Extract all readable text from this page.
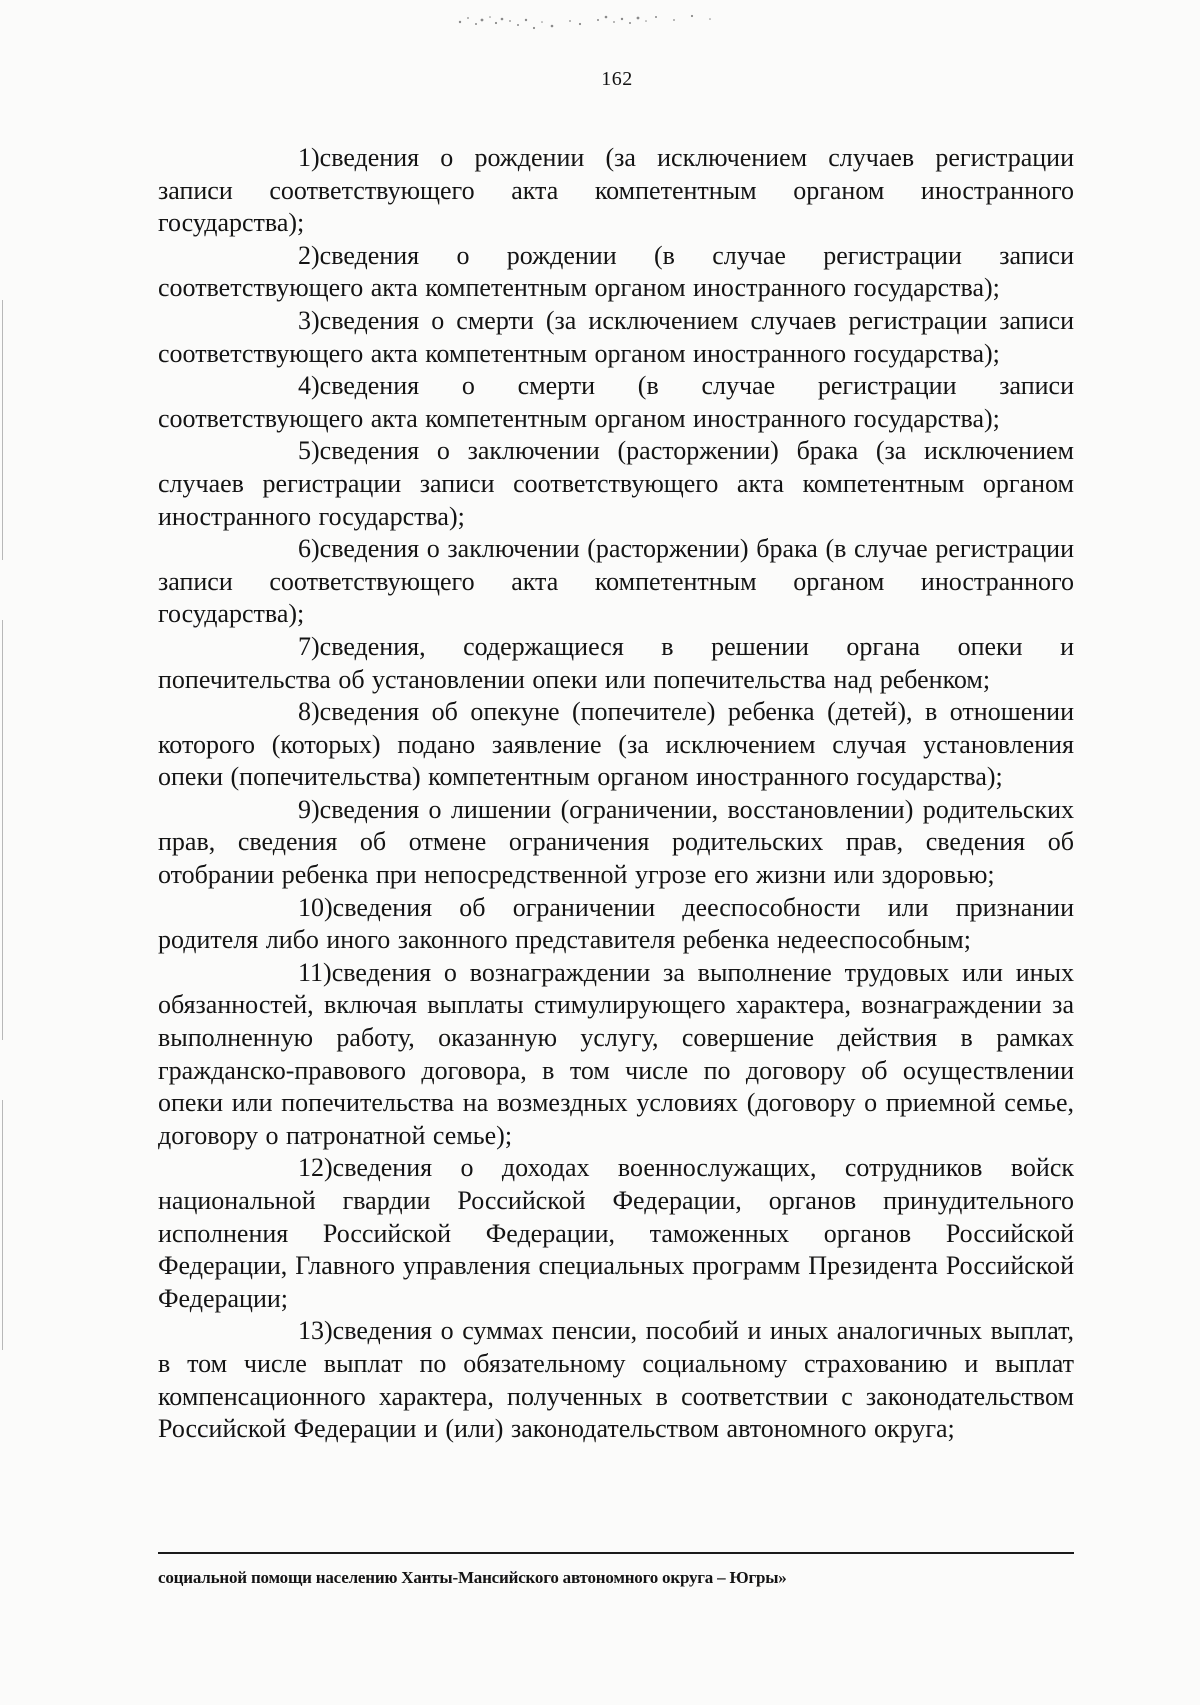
162

1)сведения о рождении (за исключением случаев регистрации записи соответствующего акта компетентным органом иностранного государства);

2)сведения о рождении (в случае регистрации записи соответствующего акта компетентным органом иностранного государства);

3)сведения о смерти (за исключением случаев регистрации записи соответствующего акта компетентным органом иностранного государства);

4)сведения о смерти (в случае регистрации записи соответствующего акта компетентным органом иностранного государства);

5)сведения о заключении (расторжении) брака (за исключением случаев регистрации записи соответствующего акта компетентным органом иностранного государства);

6)сведения о заключении (расторжении) брака (в случае регистрации записи соответствующего акта компетентным органом иностранного государства);

7)сведения, содержащиеся в решении органа опеки и попечительства об установлении опеки или попечительства над ребенком;

8)сведения об опекуне (попечителе) ребенка (детей), в отношении которого (которых) подано заявление (за исключением случая установления опеки (попечительства) компетентным органом иностранного государства);

9)сведения о лишении (ограничении, восстановлении) родительских прав, сведения об отмене ограничения родительских прав, сведения об отобрании ребенка при непосредственной угрозе его жизни или здоровью;

10)сведения об ограничении дееспособности или признании родителя либо иного законного представителя ребенка недееспособным;

11)сведения о вознаграждении за выполнение трудовых или иных обязанностей, включая выплаты стимулирующего характера, вознаграждении за выполненную работу, оказанную услугу, совершение действия в рамках гражданско-правового договора, в том числе по договору об осуществлении опеки или попечительства на возмездных условиях (договору о приемной семье, договору о патронатной семье);

12)сведения о доходах военнослужащих, сотрудников войск национальной гвардии Российской Федерации, органов принудительного исполнения Российской Федерации, таможенных органов Российской Федерации, Главного управления специальных программ Президента Российской Федерации;

13)сведения о суммах пенсии, пособий и иных аналогичных выплат, в том числе выплат по обязательному социальному страхованию и выплат компенсационного характера, полученных в соответствии с законодательством Российской Федерации и (или) законодательством автономного округа;

социальной помощи населению Ханты-Мансийского автономного округа – Югры»
